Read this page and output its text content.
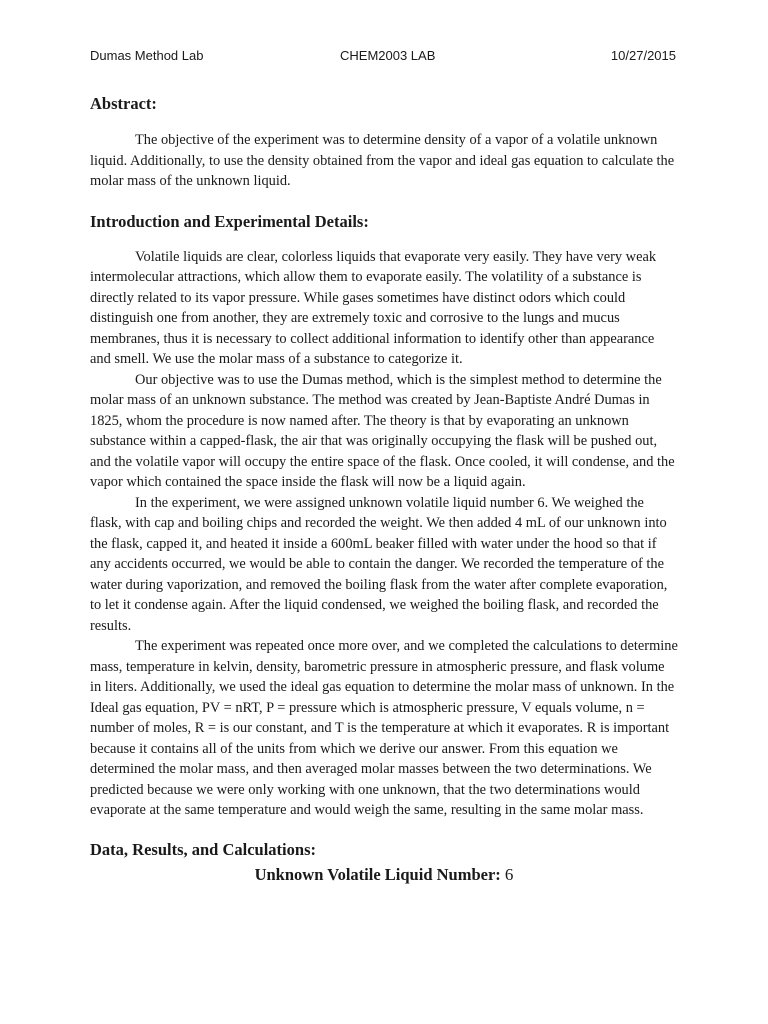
Dumas Method Lab	CHEM2003 LAB	10/27/2015
Abstract:

The objective of the experiment was to determine density of a vapor of a volatile unknown liquid. Additionally, to use the density obtained from the vapor and ideal gas equation to calculate the molar mass of the unknown liquid.

Introduction and Experimental Details:

Volatile liquids are clear, colorless liquids that evaporate very easily. They have very weak intermolecular attractions, which allow them to evaporate easily. The volatility of a substance is directly related to its vapor pressure. While gases sometimes have distinct odors which could distinguish one from another, they are extremely toxic and corrosive to the lungs and mucus membranes, thus it is necessary to collect additional information to identify other than appearance and smell. We use the molar mass of a substance to categorize it.

Our objective was to use the Dumas method, which is the simplest method to determine the molar mass of an unknown substance. The method was created by Jean-Baptiste André Dumas in 1825, whom the procedure is now named after. The theory is that by evaporating an unknown substance within a capped-flask, the air that was originally occupying the flask will be pushed out, and the volatile vapor will occupy the entire space of the flask. Once cooled, it will condense, and the vapor which contained the space inside the flask will now be a liquid again.

In the experiment, we were assigned unknown volatile liquid number 6. We weighed the flask, with cap and boiling chips and recorded the weight. We then added 4 mL of our unknown into the flask, capped it, and heated it inside a 600mL beaker filled with water under the hood so that if any accidents occurred, we would be able to contain the danger. We recorded the temperature of the water during vaporization, and removed the boiling flask from the water after complete evaporation, to let it condense again. After the liquid condensed, we weighed the boiling flask, and recorded the results.

The experiment was repeated once more over, and we completed the calculations to determine mass, temperature in kelvin, density, barometric pressure in atmospheric pressure, and flask volume in liters. Additionally, we used the ideal gas equation to determine the molar mass of unknown. In the Ideal gas equation, PV = nRT, P = pressure which is atmospheric pressure, V equals volume, n = number of moles, R = is our constant, and T is the temperature at which it evaporates. R is important because it contains all of the units from which we derive our answer. From this equation we determined the molar mass, and then averaged molar masses between the two determinations. We predicted because we were only working with one unknown, that the two determinations would evaporate at the same temperature and would weigh the same, resulting in the same molar mass.

Data, Results, and Calculations:
Unknown Volatile Liquid Number: 6
